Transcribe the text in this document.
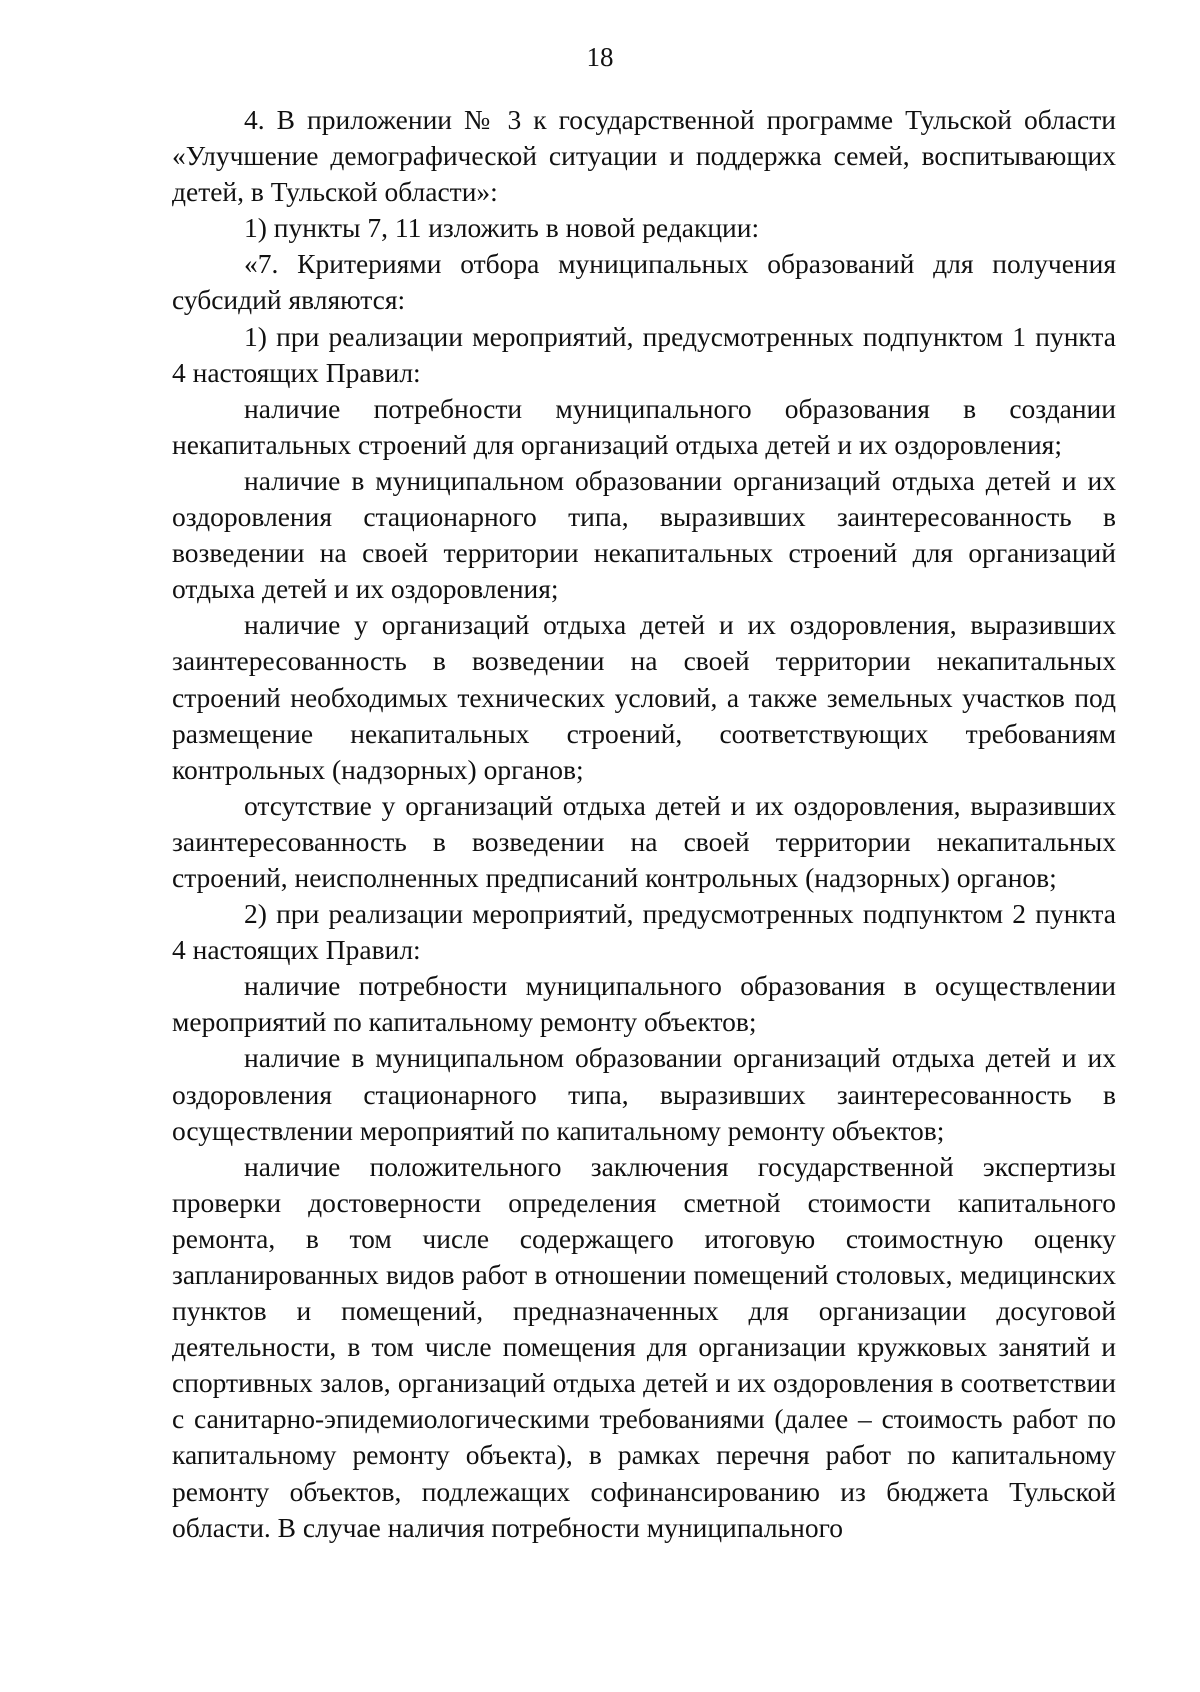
18

4. В приложении № 3 к государственной программе Тульской области «Улучшение демографической ситуации и поддержка семей, воспитывающих детей, в Тульской области»:

1) пункты 7, 11 изложить в новой редакции:

«7. Критериями отбора муниципальных образований для получения субсидий являются:

1) при реализации мероприятий, предусмотренных подпунктом 1 пункта 4 настоящих Правил:

наличие потребности муниципального образования в создании некапитальных строений для организаций отдыха детей и их оздоровления;

наличие в муниципальном образовании организаций отдыха детей и их оздоровления стационарного типа, выразивших заинтересованность в возведении на своей территории некапитальных строений для организаций отдыха детей и их оздоровления;

наличие у организаций отдыха детей и их оздоровления, выразивших заинтересованность в возведении на своей территории некапитальных строений необходимых технических условий, а также земельных участков под размещение некапитальных строений, соответствующих требованиям контрольных (надзорных) органов;

отсутствие у организаций отдыха детей и их оздоровления, выразивших заинтересованность в возведении на своей территории некапитальных строений, неисполненных предписаний контрольных (надзорных) органов;

2) при реализации мероприятий, предусмотренных подпунктом 2 пункта 4 настоящих Правил:

наличие потребности муниципального образования в осуществлении мероприятий по капитальному ремонту объектов;

наличие в муниципальном образовании организаций отдыха детей и их оздоровления стационарного типа, выразивших заинтересованность в осуществлении мероприятий по капитальному ремонту объектов;

наличие положительного заключения государственной экспертизы проверки достоверности определения сметной стоимости капитального ремонта, в том числе содержащего итоговую стоимостную оценку запланированных видов работ в отношении помещений столовых, медицинских пунктов и помещений, предназначенных для организации досуговой деятельности, в том числе помещения для организации кружковых занятий и спортивных залов, организаций отдыха детей и их оздоровления в соответствии с санитарно-эпидемиологическими требованиями (далее – стоимость работ по капитальному ремонту объекта), в рамках перечня работ по капитальному ремонту объектов, подлежащих софинансированию из бюджета Тульской области. В случае наличия потребности муниципального
